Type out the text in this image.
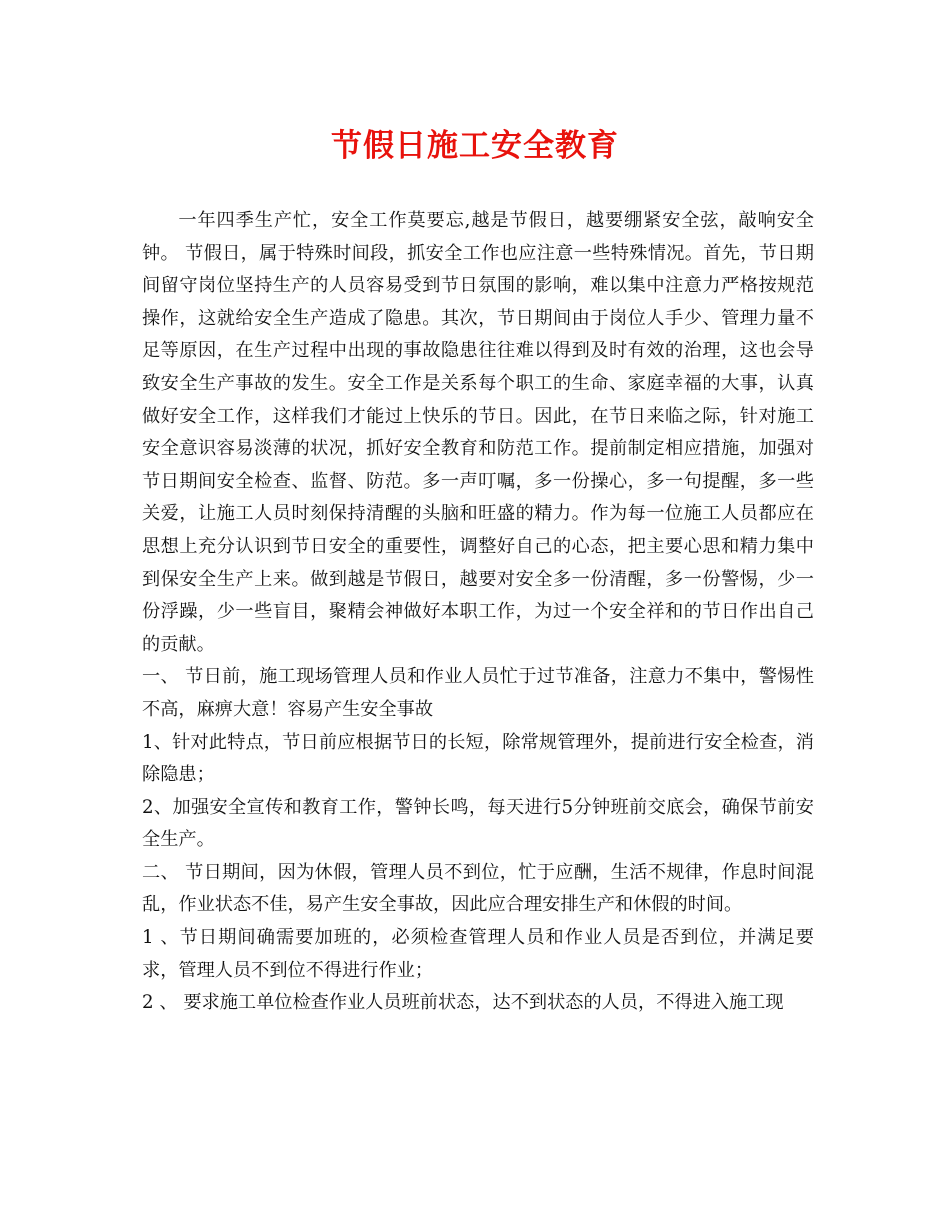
节假日施工安全教育

一年四季生产忙，安全工作莫要忘,越是节假日，越要绷紧安全弦，敲响安全钟。 节假日，属于特殊时间段，抓安全工作也应注意一些特殊情况。首先，节日期间留守岗位坚持生产的人员容易受到节日氛围的影响，难以集中注意力严格按规范操作，这就给安全生产造成了隐患。其次，节日期间由于岗位人手少、管理力量不足等原因，在生产过程中出现的事故隐患往往难以得到及时有效的治理，这也会导致安全生产事故的发生。安全工作是关系每个职工的生命、家庭幸福的大事，认真做好安全工作，这样我们才能过上快乐的节日。因此，在节日来临之际，针对施工安全意识容易淡薄的状况，抓好安全教育和防范工作。提前制定相应措施，加强对节日期间安全检查、监督、防范。多一声叮嘱，多一份操心，多一句提醒，多一些关爱，让施工人员时刻保持清醒的头脑和旺盛的精力。作为每一位施工人员都应在思想上充分认识到节日安全的重要性，调整好自己的心态，把主要心思和精力集中到保安全生产上来。做到越是节假日，越要对安全多一份清醒，多一份警惕，少一份浮躁，少一些盲目，聚精会神做好本职工作，为过一个安全祥和的节日作出自己的贡献。

一、 节日前，施工现场管理人员和作业人员忙于过节准备，注意力不集中，警惕性不高，麻痹大意！容易产生安全事故

1、针对此特点，节日前应根据节日的长短，除常规管理外，提前进行安全检查，消除隐患；

2、加强安全宣传和教育工作，警钟长鸣，每天进行5分钟班前交底会，确保节前安全生产。

二、 节日期间，因为休假，管理人员不到位，忙于应酬，生活不规律，作息时间混乱，作业状态不佳，易产生安全事故，因此应合理安排生产和休假的时间。

1 、节日期间确需要加班的，必须检查管理人员和作业人员是否到位，并满足要求，管理人员不到位不得进行作业；

2 、 要求施工单位检查作业人员班前状态，达不到状态的人员，不得进入施工现
